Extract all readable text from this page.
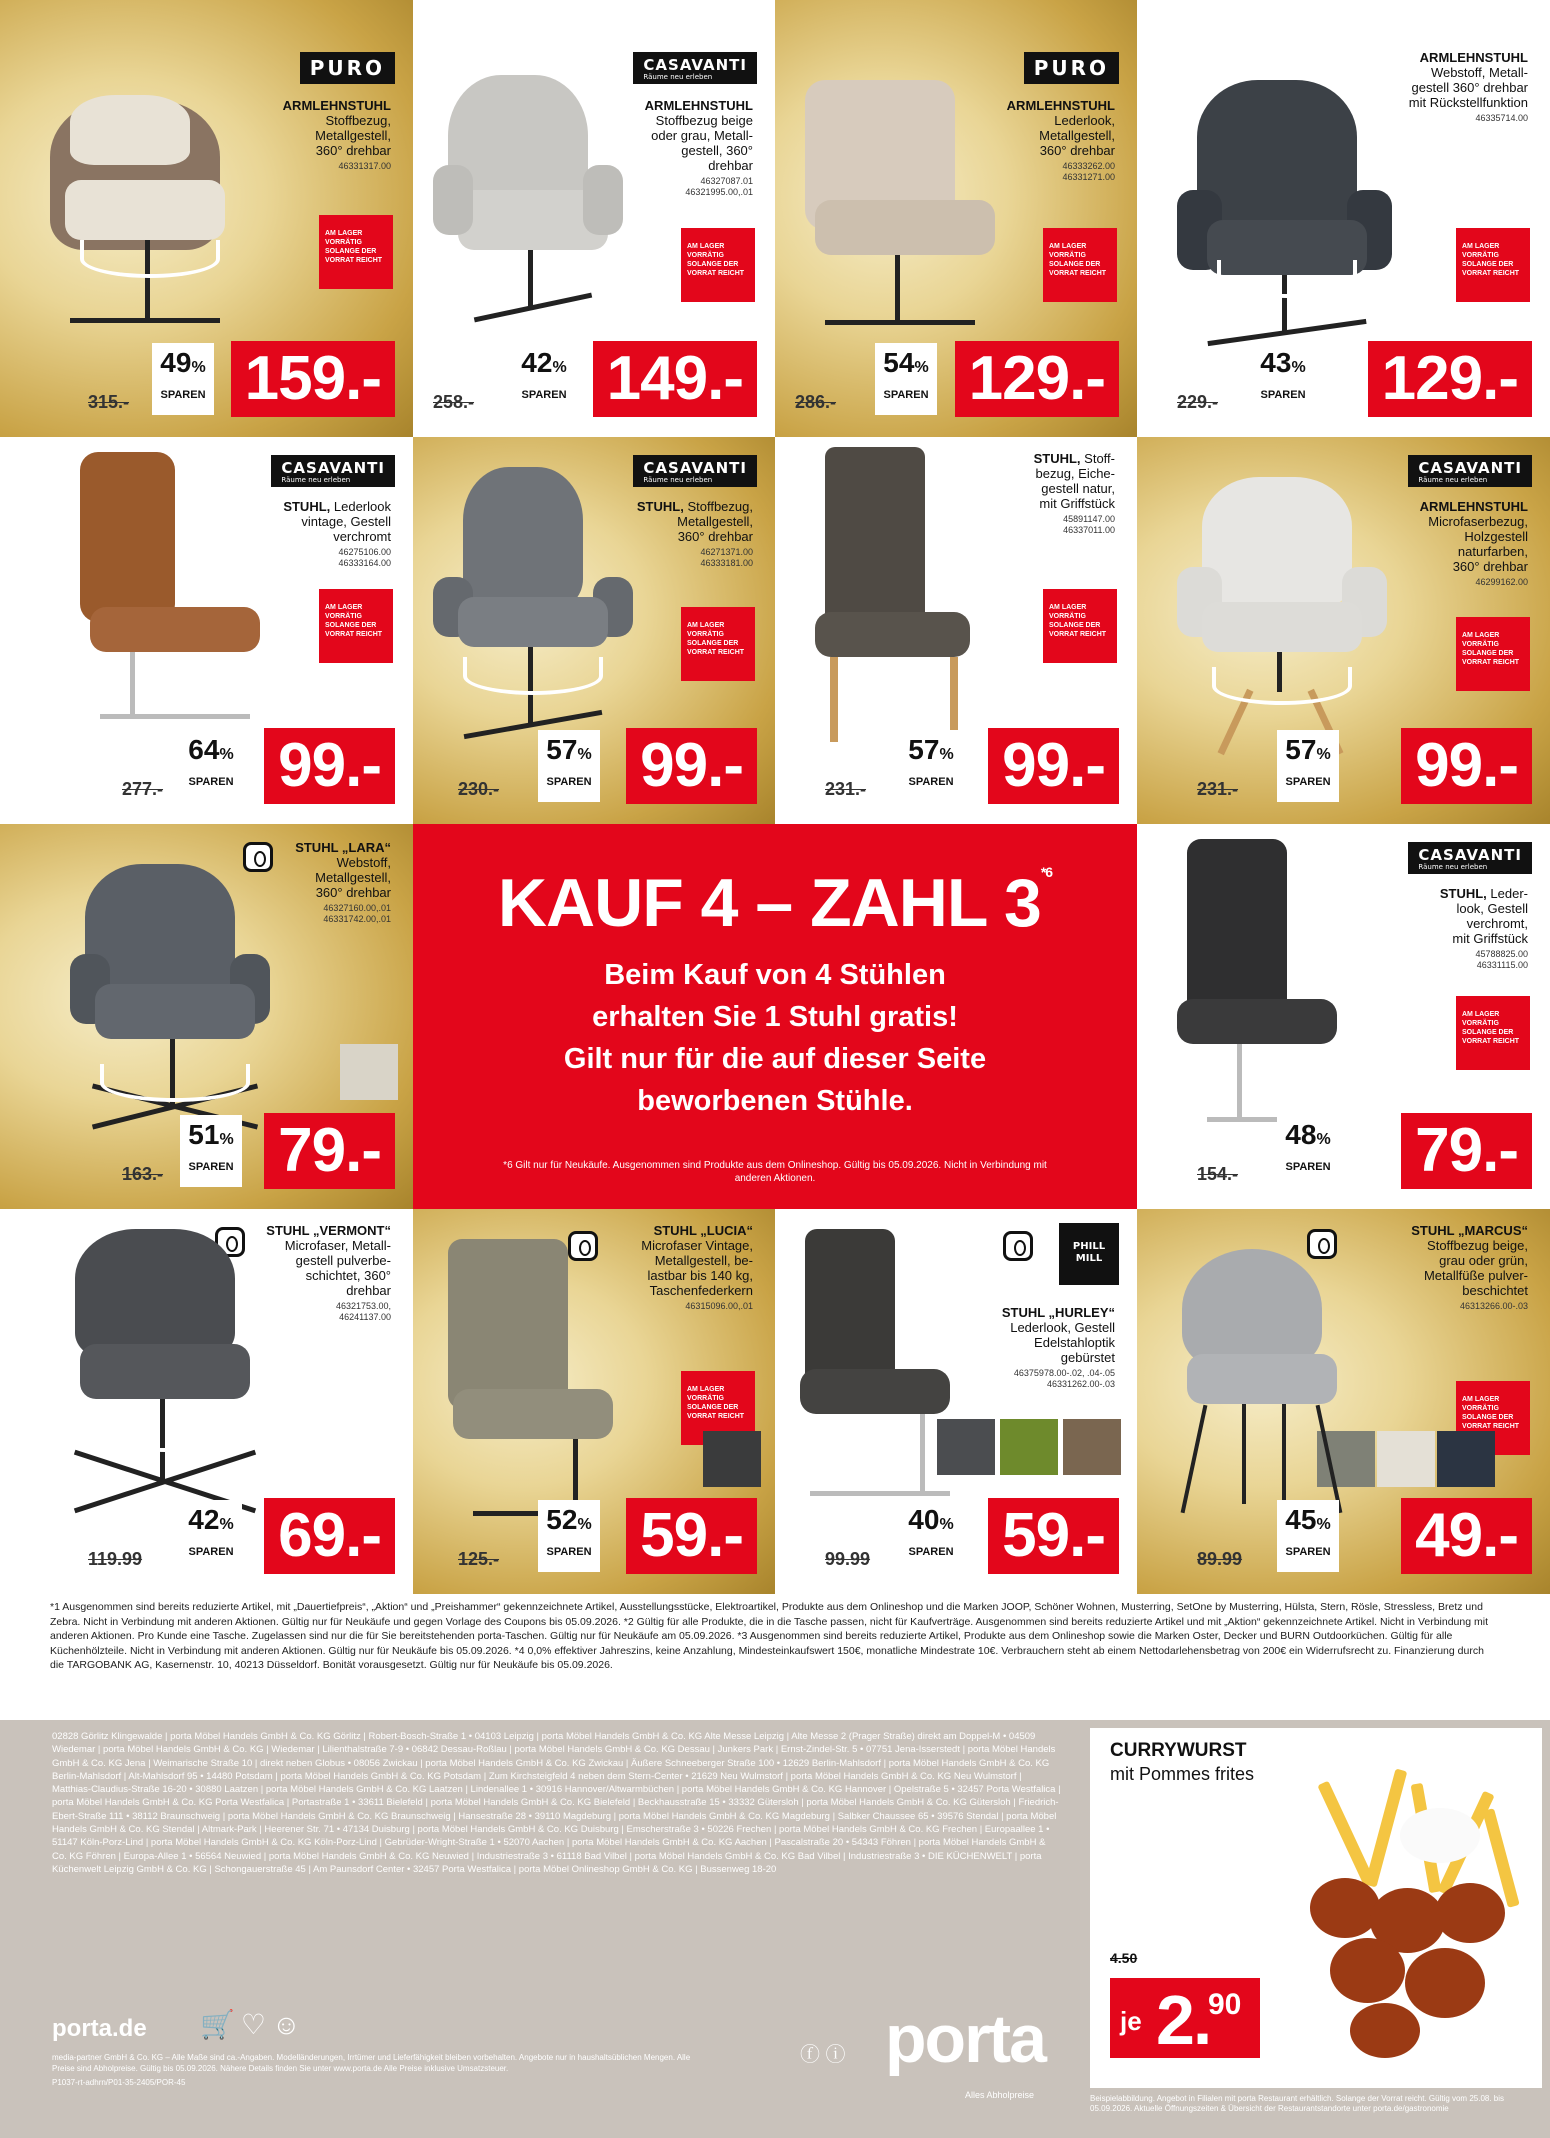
PURO
ARMLEHNSTUHL
Stoffbezug,
Metallgestell,
360° drehbar
46331317.00
AM LAGER VORRÄTIG SOLANGE DER VORRAT REICHT
315.-
49%
SPAREN 159.-
CASAVANTI
Räume neu erleben
ARMLEHNSTUHL
Stoffbezug beige
oder grau, Metall-
gestell, 360°
drehbar
46327087.01
46321995.00,.01
AM LAGER VORRÄTIG SOLANGE DER VORRAT REICHT
258.-
42%
SPAREN 149.-
PURO
ARMLEHNSTUHL
Lederlook,
Metallgestell,
360° drehbar
46333262.00
46331271.00
AM LAGER VORRÄTIG SOLANGE DER VORRAT REICHT
286.-
54%
SPAREN 129.-
ARMLEHNSTUHL
Webstoff, Metall-
gestell 360° drehbar
mit Rückstellfunktion
46335714.00
AM LAGER VORRÄTIG SOLANGE DER VORRAT REICHT
229.-
43%
SPAREN 129.-
CASAVANTI
Räume neu erleben
STUHL, Lederlook
vintage, Gestell
verchromt
46275106.00
46333164.00
AM LAGER VORRÄTIG SOLANGE DER VORRAT REICHT
277.-
64%
SPAREN 99.-
CASAVANTI
Räume neu erleben
STUHL, Stoffbezug,
Metallgestell,
360° drehbar
46271371.00
46333181.00
AM LAGER VORRÄTIG SOLANGE DER VORRAT REICHT
57%
SPAREN
230.- 99.-
STUHL, Stoff-
bezug, Eiche-
gestell natur,
mit Griffstück
45891147.00
46337011.00
AM LAGER VORRÄTIG SOLANGE DER VORRAT REICHT
231.-
57%
SPAREN 99.-
CASAVANTI
Räume neu erleben
ARMLEHNSTUHL
Microfaserbezug,
Holzgestell
naturfarben,
360° drehbar
46299162.00
AM LAGER VORRÄTIG SOLANGE DER VORRAT REICHT
231.-
57%
SPAREN 99.-
STUHL „LARA“
Webstoff,
Metallgestell,
360° drehbar
46327160.00,.01
46331742.00,.01
163.-
51%
SPAREN 79.-
KAUF 4 – ZAHL 3$^{*6}$
Beim Kauf von 4 Stühlen
erhalten Sie 1 Stuhl gratis!
Gilt nur für die auf dieser Seite
beworbenen Stühle.
*6 Gilt nur für Neukäufe. Ausgenommen sind Produkte aus dem Onlineshop. Gültig bis 05.09.2026. Nicht in Verbindung mit anderen Aktionen.
CASAVANTI
Räume neu erleben
STUHL, Leder-
look, Gestell
verchromt,
mit Griffstück
45788825.00
46331115.00
AM LAGER VORRÄTIG SOLANGE DER VORRAT REICHT
154.-
48%
SPAREN 79.-
STUHL „VERMONT“
Microfaser, Metall-
gestell pulverbe-
schichtet, 360°
drehbar
46321753.00,
46241137.00
119.99
42%
SPAREN 69.-
STUHL „LUCIA“
Microfaser Vintage,
Metallgestell, be-
lastbar bis 140 kg,
Taschenfederkern
46315096.00,.01
AM LAGER VORRÄTIG SOLANGE DER VORRAT REICHT
125.-
52%
SPAREN 59.-
PHILL MILL
STUHL „HURLEY“
Lederlook, Gestell
Edelstahloptik
gebürstet
46375978.00-.02, .04-.05
46331262.00-.03
99.99
40%
SPAREN 59.-
STUHL „MARCUS“
Stoffbezug beige,
grau oder grün,
Metallfüße pulver-
beschichtet
46313266.00-.03
AM LAGER VORRÄTIG SOLANGE DER VORRAT REICHT
89.99
45%
SPAREN 49.-
*1 Ausgenommen sind bereits reduzierte Artikel, mit „Dauertiefpreis“, „Aktion“ und „Preishammer“ gekennzeichnete Artikel, Ausstellungsstücke, Elektroartikel, Produkte aus dem Onlineshop und die Marken JOOP, Schöner Wohnen, Musterring, SetOne by Musterring, Hülsta, Stern, Rösle, Stressless, Bretz und Zebra. Nicht in Verbindung mit anderen Aktionen. Gültig nur für Neukäufe und gegen Vorlage des Coupons bis 05.09.2026. *2 Gültig für alle Produkte, die in die Tasche passen, nicht für Kaufverträge. Ausgenommen sind bereits reduzierte Artikel und mit „Aktion“ gekennzeichnete Artikel. Nicht in Verbindung mit anderen Aktionen. Pro Kunde eine Tasche. Zugelassen sind nur die für Sie bereitstehenden porta-Taschen. Gültig nur für Neukäufe am 05.09.2026. *3 Ausgenommen sind bereits reduzierte Artikel, Produkte aus dem Onlineshop sowie die Marken Oster, Decker und BURN Outdoorküchen. Gültig für alle Küchenhölzteile. Nicht in Verbindung mit anderen Aktionen. Gültig nur für Neukäufe bis 05.09.2026. *4 0,0% effektiver Jahreszins, keine Anzahlung, Mindesteinkaufswert 150€, monatliche Mindestrate 10€. Verbrauchern steht ab einem Nettodarlehensbetrag von 200€ ein Widerrufsrecht zu. Finanzierung durch die TARGOBANK AG, Kasernenstr. 10, 40213 Düsseldorf. Bonität vorausgesetzt. Gültig nur für Neukäufe bis 05.09.2026.
02828 Görlitz Klingewalde | porta Möbel Handels GmbH & Co. KG Görlitz | Robert-Bosch-Straße 1 • 04103 Leipzig | porta Möbel Handels GmbH & Co. KG Alte Messe Leipzig | Alte Messe 2 (Prager Straße) direkt am Doppel-M • 04509 Wiedemar | porta Möbel Handels GmbH & Co. KG | Wiedemar | Lilienthalstraße 7-9 • 06842 Dessau-Roßlau | porta Möbel Handels GmbH & Co. KG Dessau | Junkers Park | Ernst-Zindel-Str. 5 • 07751 Jena-Isserstedt | porta Möbel Handels GmbH & Co. KG Jena | Weimarische Straße 10 | direkt neben Globus • 08056 Zwickau | porta Möbel Handels GmbH & Co. KG Zwickau | Äußere Schneeberger Straße 100 • 12629 Berlin-Mahlsdorf | porta Möbel Handels GmbH & Co. KG Berlin-Mahlsdorf | Alt-Mahlsdorf 95 • 14480 Potsdam | porta Möbel Handels GmbH & Co. KG Potsdam | Zum Kirchsteigfeld 4 neben dem Stern-Center • 21629 Neu Wulmstorf | porta Möbel Handels GmbH & Co. KG Neu Wulmstorf | Matthias-Claudius-Straße 16-20 • 30880 Laatzen | porta Möbel Handels GmbH & Co. KG Laatzen | Lindenallee 1 • 30916 Hannover/Altwarmbüchen | porta Möbel Handels GmbH & Co. KG Hannover | Opelstraße 5 • 32457 Porta Westfalica | porta Möbel Handels GmbH & Co. KG Porta Westfalica | Portastraße 1 • 33611 Bielefeld | porta Möbel Handels GmbH & Co. KG Bielefeld | Beckhausstraße 15 • 33332 Gütersloh | porta Möbel Handels GmbH & Co. KG Gütersloh | Friedrich-Ebert-Straße 111 • 38112 Braunschweig | porta Möbel Handels GmbH & Co. KG Braunschweig | Hansestraße 28 • 39110 Magdeburg | porta Möbel Handels GmbH & Co. KG Magdeburg | Salbker Chaussee 65 • 39576 Stendal | porta Möbel Handels GmbH & Co. KG Stendal | Altmark-Park | Heerener Str. 71 • 47134 Duisburg | porta Möbel Handels GmbH & Co. KG Duisburg | Emscherstraße 3 • 50226 Frechen | porta Möbel Handels GmbH & Co. KG Frechen | Europaallee 1 • 51147 Köln-Porz-Lind | porta Möbel Handels GmbH & Co. KG Köln-Porz-Lind | Gebrüder-Wright-Straße 1 • 52070 Aachen | porta Möbel Handels GmbH & Co. KG Aachen | Pascalstraße 20 • 54343 Föhren | porta Möbel Handels GmbH & Co. KG Föhren | Europa-Allee 1 • 56564 Neuwied | porta Möbel Handels GmbH & Co. KG Neuwied | Industriestraße 3 • 61118 Bad Vilbel | porta Möbel Handels GmbH & Co. KG Bad Vilbel | Industriestraße 3 • DIE KÜCHENWELT | porta Küchenwelt Leipzig GmbH & Co. KG | Schongauerstraße 45 | Am Paunsdorf Center • 32457 Porta Westfalica | porta Möbel Onlineshop GmbH & Co. KG | Bussenweg 18-20
porta.de 🛒♡☺
media-partner GmbH & Co. KG – Alle Maße sind ca.-Angaben. Modelländerungen, Irrtümer und Lieferfähigkeit bleiben vorbehalten. Angebote nur in haushaltsüblichen Mengen. Alle Preise sind Abholpreise. Gültig bis 05.09.2026. Nähere Details finden Sie unter www.porta.de Alle Preise inklusive Umsatzsteuer.
P1037-rt-adhrn/P01-35-2405/POR-45
ⓕ ⓘ porta
Alles Abholpreise
CURRYWURST
mit Pommes frites
4.50
je 2.
90
Beispielabbildung. Angebot in Filialen mit porta Restaurant erhältlich. Solange der Vorrat reicht. Gültig vom 25.08. bis 05.09.2026. Aktuelle Öffnungszeiten & Übersicht der Restaurantstandorte unter porta.de/gastronomie
